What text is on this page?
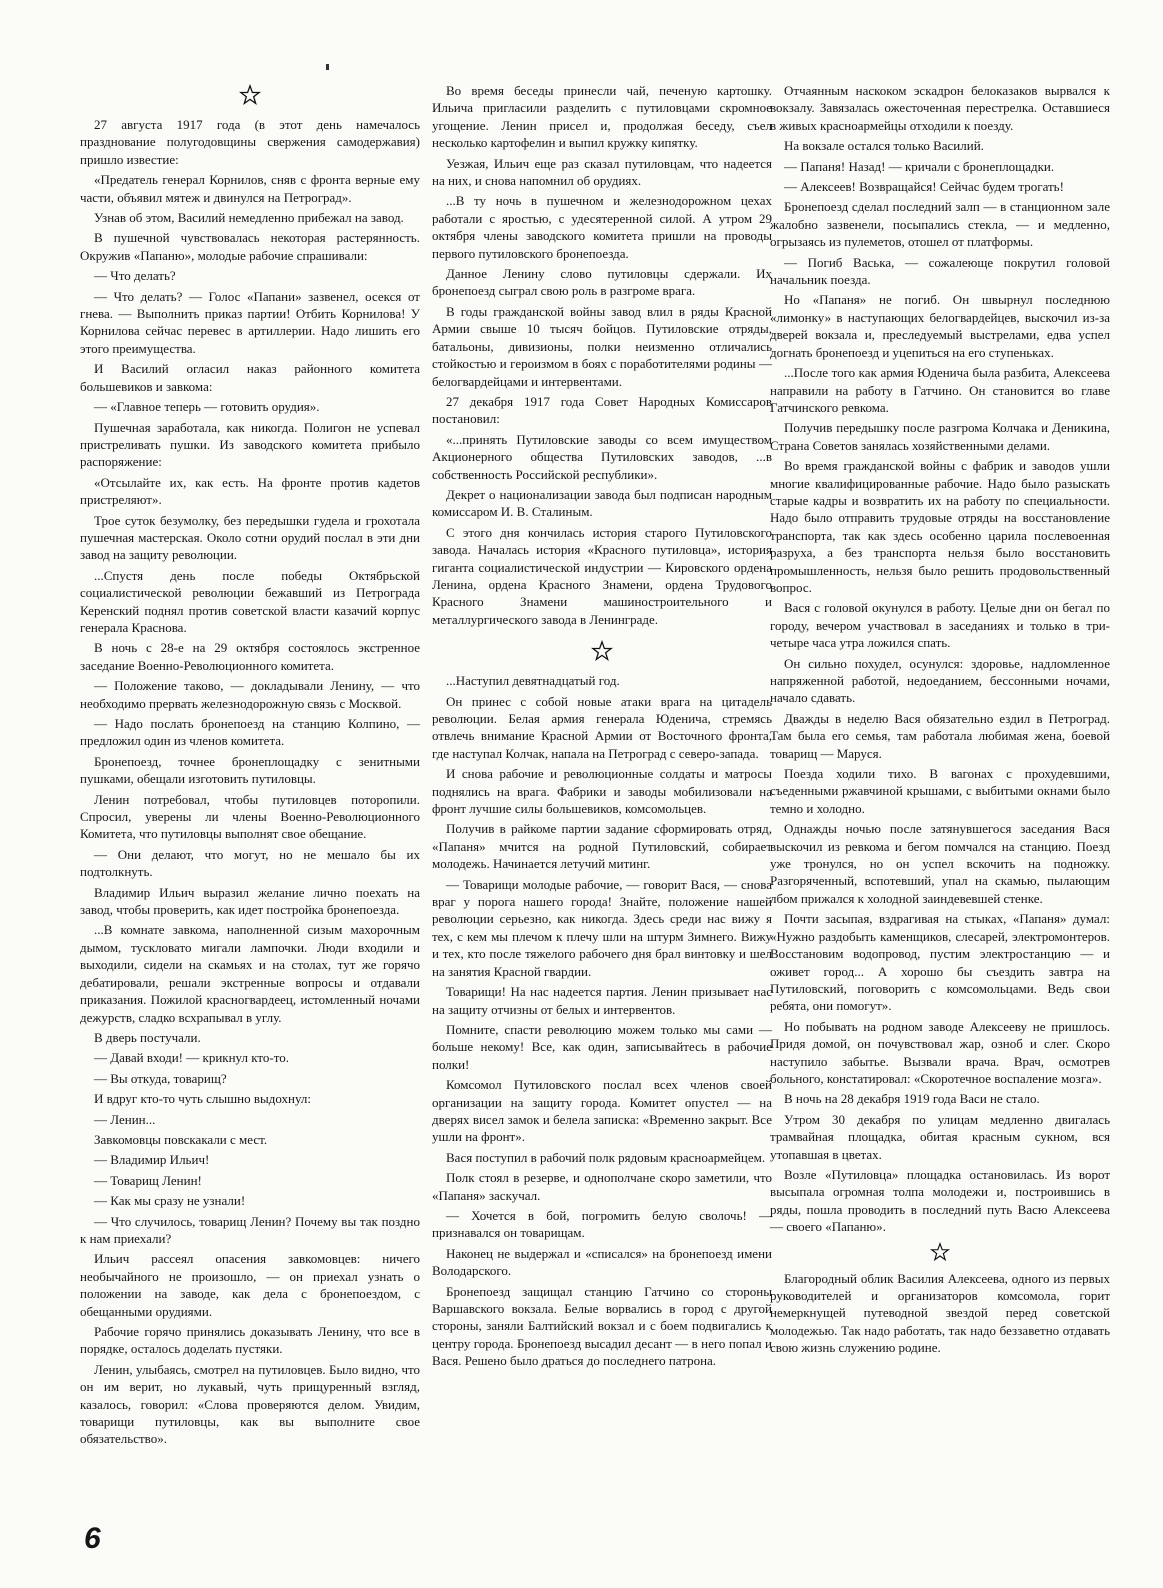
27 августа 1917 года (в этот день намечалось празднование полугодовщины свержения самодержавия) пришло известие:

«Предатель генерал Корнилов, сняв с фронта верные ему части, объявил мятеж и двинулся на Петроград».

Узнав об этом, Василий немедленно прибежал на завод.

В пушечной чувствовалась некоторая растерянность. Окружив «Папаню», молодые рабочие спрашивали:

— Что делать?

— Что делать? — Голос «Папани» зазвенел, осекся от гнева. — Выполнить приказ партии! Отбить Корнилова! У Корнилова сейчас перевес в артиллерии. Надо лишить его этого преимущества.

И Василий огласил наказ районного комитета большевиков и завкома:

— «Главное теперь — готовить орудия».

Пушечная заработала, как никогда. Полигон не успевал пристреливать пушки. Из заводского комитета прибыло распоряжение:

«Отсылайте их, как есть. На фронте против кадетов пристреляют».

Трое суток безумолку, без передышки гудела и грохотала пушечная мастерская. Около сотни орудий послал в эти дни завод на защиту революции.

...Спустя день после победы Октябрьской социалистической революции бежавший из Петрограда Керенский поднял против советской власти казачий корпус генерала Краснова.

В ночь с 28-е на 29 октября состоялось экстренное заседание Военно-Революционного комитета.

— Положение таково, — докладывали Ленину, — что необходимо прервать железнодорожную связь с Москвой.

— Надо послать бронепоезд на станцию Колпино, — предложил один из членов комитета.

Бронепоезд, точнее бронеплощадку с зенитными пушками, обещали изготовить путиловцы.

Ленин потребовал, чтобы путиловцев поторопили. Спросил, уверены ли члены Военно-Революционного Комитета, что путиловцы выполнят свое обещание.

— Они делают, что могут, но не мешало бы их подтолкнуть.

Владимир Ильич выразил желание лично поехать на завод, чтобы проверить, как идет постройка бронепоезда.

...В комнате завкома, наполненной сизым махорочным дымом, тускловато мигали лампочки. Люди входили и выходили, сидели на скамьях и на столах, тут же горячо дебатировали, решали экстренные вопросы и отдавали приказания. Пожилой красногвардеец, истомленный ночами дежурств, сладко всхрапывал в углу.

В дверь постучали.

— Давай входи! — крикнул кто-то.

— Вы откуда, товарищ?

И вдруг кто-то чуть слышно выдохнул:

— Ленин...

Завкомовцы повскакали с мест.

— Владимир Ильич!

— Товарищ Ленин!

— Как мы сразу не узнали!

— Что случилось, товарищ Ленин? Почему вы так поздно к нам приехали?

Ильич рассеял опасения завкомовцев: ничего необычайного не произошло, — он приехал узнать о положении на заводе, как дела с бронепоездом, с обещанными орудиями.

Рабочие горячо принялись доказывать Ленину, что все в порядке, осталось доделать пустяки.

Ленин, улыбаясь, смотрел на путиловцев. Было видно, что он им верит, но лукавый, чуть прищуренный взгляд, казалось, говорил: «Слова проверяются делом. Увидим, товарищи путиловцы, как вы выполните свое обязательство».

Во время беседы принесли чай, печеную картошку. Ильича пригласили разделить с путиловцами скромное угощение. Ленин присел и, продолжая беседу, съел несколько картофелин и выпил кружку кипятку.

Уезжая, Ильич еще раз сказал путиловцам, что надеется на них, и снова напомнил об орудиях.

...В ту ночь в пушечном и железнодорожном цехах работали с яростью, с удесятеренной силой. А утром 29 октября члены заводского комитета пришли на проводы первого путиловского бронепоезда.

Данное Ленину слово путиловцы сдержали. Их бронепоезд сыграл свою роль в разгроме врага.

В годы гражданской войны завод влил в ряды Красной Армии свыше 10 тысяч бойцов. Путиловские отряды, батальоны, дивизионы, полки неизменно отличались стойкостью и героизмом в боях с поработителями родины — белогвардейцами и интервентами.

27 декабря 1917 года Совет Народных Комиссаров постановил:

«...принять Путиловские заводы со всем имуществом Акционерного общества Путиловских заводов, ...в собственность Российской республики».

Декрет о национализации завода был подписан народным комиссаром И. В. Сталиным.

С этого дня кончилась история старого Путиловского завода. Началась история «Красного путиловца», история гиганта социалистической индустрии — Кировского ордена Ленина, ордена Красного Знамени, ордена Трудового Красного Знамени машиностроительного и металлургического завода в Ленинграде.

...Наступил девятнадцатый год.

Он принес с собой новые атаки врага на цитадель революции. Белая армия генерала Юденича, стремясь отвлечь внимание Красной Армии от Восточного фронта, где наступал Колчак, напала на Петроград с северо-запада.

И снова рабочие и революционные солдаты и матросы поднялись на врага. Фабрики и заводы мобилизовали на фронт лучшие силы большевиков, комсомольцев.

Получив в райкоме партии задание сформировать отряд, «Папаня» мчится на родной Путиловский, собирает молодежь. Начинается летучий митинг.

— Товарищи молодые рабочие, — говорит Вася, — снова враг у порога нашего города! Знайте, положение нашей революции серьезно, как никогда. Здесь среди нас вижу я тех, с кем мы плечом к плечу шли на штурм Зимнего. Вижу и тех, кто после тяжелого рабочего дня брал винтовку и шел на занятия Красной гвардии.

Товарищи! На нас надеется партия. Ленин призывает нас на защиту отчизны от белых и интервентов.

Помните, спасти революцию можем только мы сами — больше некому! Все, как один, записывайтесь в рабочие полки!

Комсомол Путиловского послал всех членов своей организации на защиту города. Комитет опустел — на дверях висел замок и белела записка: «Временно закрыт. Все ушли на фронт».

Вася поступил в рабочий полк рядовым красноармейцем.

Полк стоял в резерве, и однополчане скоро заметили, что «Папаня» заскучал.

— Хочется в бой, погромить белую сволочь! — признавался он товарищам.

Наконец не выдержал и «списался» на бронепоезд имени Володарского.

Бронепоезд защищал станцию Гатчино со стороны Варшавского вокзала. Белые ворвались в город с другой стороны, заняли Балтийский вокзал и с боем подвигались к центру города. Бронепоезд высадил десант — в него попал и Вася. Решено было драться до последнего патрона.

Отчаянным наскоком эскадрон белоказаков вырвался к вокзалу. Завязалась ожесточенная перестрелка. Оставшиеся в живых красноармейцы отходили к поезду.

На вокзале остался только Василий.

— Папаня! Назад! — кричали с бронеплощадки.

— Алексеев! Возвращайся! Сейчас будем трогать!

Бронепоезд сделал последний залп — в станционном зале жалобно зазвенели, посыпались стекла, — и медленно, огрызаясь из пулеметов, отошел от платформы.

— Погиб Васька, — сожалеюще покрутил головой начальник поезда.

Но «Папаня» не погиб. Он швырнул последнюю «лимонку» в наступающих белогвардейцев, выскочил из-за дверей вокзала и, преследуемый выстрелами, едва успел догнать бронепоезд и уцепиться на его ступеньках.

...После того как армия Юденича была разбита, Алексеева направили на работу в Гатчино. Он становится во главе Гатчинского ревкома.

Получив передышку после разгрома Колчака и Деникина, Страна Советов занялась хозяйственными делами.

Во время гражданской войны с фабрик и заводов ушли многие квалифицированные рабочие. Надо было разыскать старые кадры и возвратить их на работу по специальности. Надо было отправить трудовые отряды на восстановление транспорта, так как здесь особенно царила послевоенная разруха, а без транспорта нельзя было восстановить промышленность, нельзя было решить продовольственный вопрос.

Вася с головой окунулся в работу. Целые дни он бегал по городу, вечером участвовал в заседаниях и только в три-четыре часа утра ложился спать.

Он сильно похудел, осунулся: здоровье, надломленное напряженной работой, недоеданием, бессонными ночами, начало сдавать.

Дважды в неделю Вася обязательно ездил в Петроград. Там была его семья, там работала любимая жена, боевой товарищ — Маруся.

Поезда ходили тихо. В вагонах с прохудевшими, съеденными ржавчиной крышами, с выбитыми окнами было темно и холодно.

Однажды ночью после затянувшегося заседания Вася выскочил из ревкома и бегом помчался на станцию. Поезд уже тронулся, но он успел вскочить на подножку. Разгоряченный, вспотевший, упал на скамью, пылающим лбом прижался к холодной заиндевевшей стенке.

Почти засыпая, вздрагивая на стыках, «Папаня» думал: «Нужно раздобыть каменщиков, слесарей, электромонтеров. Восстановим водопровод, пустим электростанцию — и оживет город... А хорошо бы съездить завтра на Путиловский, поговорить с комсомольцами. Ведь свои ребята, они помогут».

Но побывать на родном заводе Алексееву не пришлось. Придя домой, он почувствовал жар, озноб и слег. Скоро наступило забытье. Вызвали врача. Врач, осмотрев больного, констатировал: «Скоротечное воспаление мозга».

В ночь на 28 декабря 1919 года Васи не стало.

Утром 30 декабря по улицам медленно двигалась трамвайная площадка, обитая красным сукном, вся утопавшая в цветах.

Возле «Путиловца» площадка остановилась. Из ворот высыпала огромная толпа молодежи и, построившись в ряды, пошла проводить в последний путь Васю Алексеева — своего «Папаню».

Благородный облик Василия Алексеева, одного из первых руководителей и организаторов комсомола, горит немеркнущей путеводной звездой перед советской молодежью. Так надо работать, так надо беззаветно отдавать свою жизнь служению родине.

6
